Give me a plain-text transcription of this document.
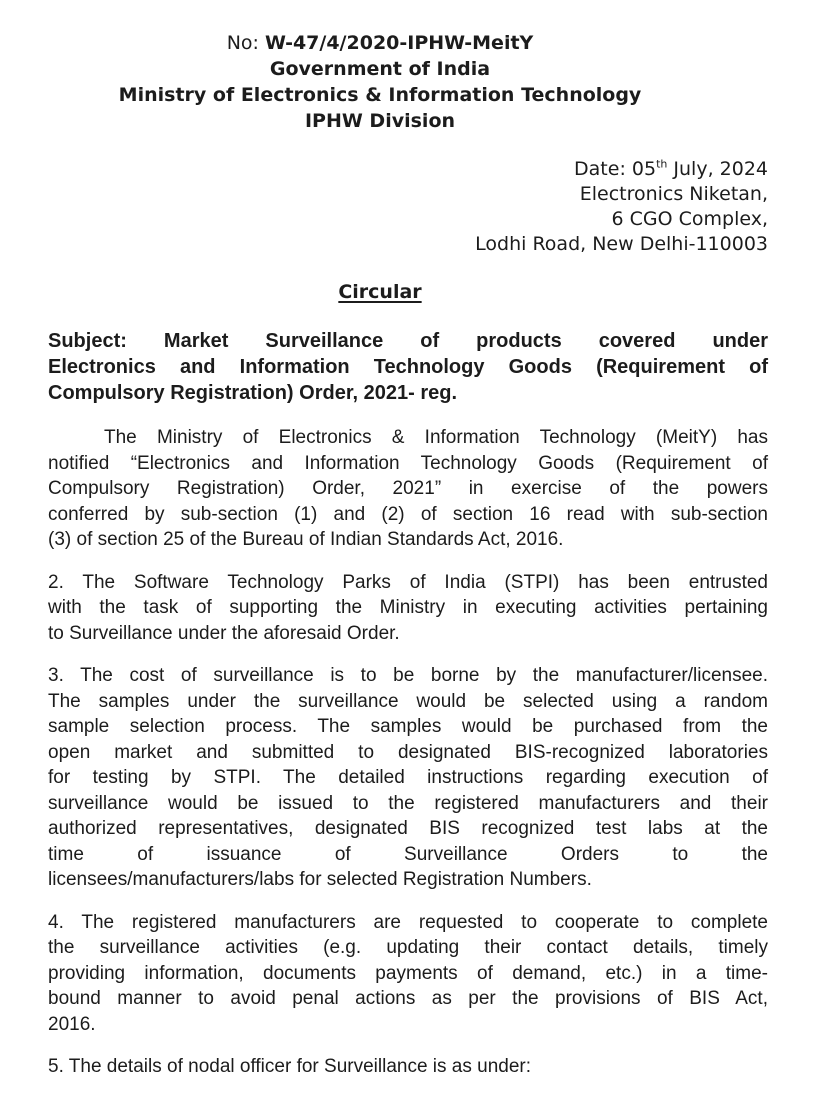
No: W-47/4/2020-IPHW-MeitY
Government of India
Ministry of Electronics & Information Technology
IPHW Division
Date: 05th July, 2024
Electronics Niketan,
6 CGO Complex,
Lodhi Road, New Delhi-110003
Circular
Subject: Market Surveillance of products covered under
Electronics and Information Technology Goods (Requirement of
Compulsory Registration) Order, 2021- reg.
The Ministry of Electronics & Information Technology (MeitY) has
notified “Electronics and Information Technology Goods (Requirement of
Compulsory Registration) Order, 2021” in exercise of the powers
conferred by sub-section (1) and (2) of section 16 read with sub-section
(3) of section 25 of the Bureau of Indian Standards Act, 2016.
2. The Software Technology Parks of India (STPI) has been entrusted
with the task of supporting the Ministry in executing activities pertaining
to Surveillance under the aforesaid Order.
3. The cost of surveillance is to be borne by the manufacturer/licensee.
The samples under the surveillance would be selected using a random
sample selection process. The samples would be purchased from the
open market and submitted to designated BIS-recognized laboratories
for testing by STPI. The detailed instructions regarding execution of
surveillance would be issued to the registered manufacturers and their
authorized representatives, designated BIS recognized test labs at the
time of issuance of Surveillance Orders to the
licensees/manufacturers/labs for selected Registration Numbers.
4. The registered manufacturers are requested to cooperate to complete
the surveillance activities (e.g. updating their contact details, timely
providing information, documents payments of demand, etc.) in a time-
bound manner to avoid penal actions as per the provisions of BIS Act,
2016.
5. The details of nodal officer for Surveillance is as under:
